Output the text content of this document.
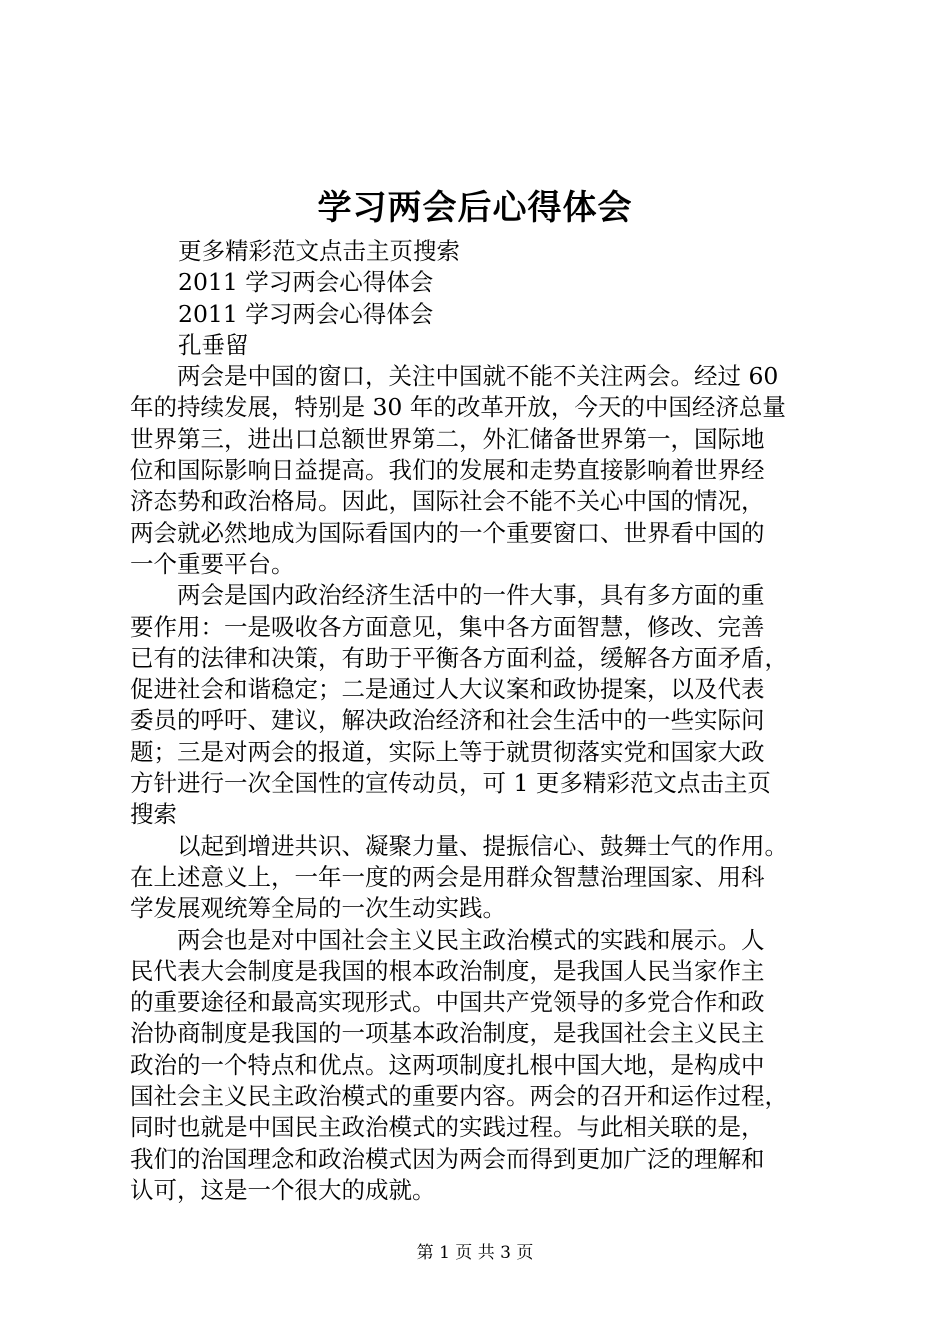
学习两会后心得体会
更多精彩范文点击主页搜索
2011 学习两会心得体会
2011 学习两会心得体会
孔垂留
　　两会是中国的窗口，关注中国就不能不关注两会。经过 60
年的持续发展，特别是 30 年的改革开放，今天的中国经济总量
世界第三，进出口总额世界第二，外汇储备世界第一，国际地
位和国际影响日益提高。我们的发展和走势直接影响着世界经
济态势和政治格局。因此，国际社会不能不关心中国的情况，
两会就必然地成为国际看国内的一个重要窗口、世界看中国的
一个重要平台。
　　两会是国内政治经济生活中的一件大事，具有多方面的重
要作用：一是吸收各方面意见，集中各方面智慧，修改、完善
已有的法律和决策，有助于平衡各方面利益，缓解各方面矛盾，
促进社会和谐稳定；二是通过人大议案和政协提案，以及代表
委员的呼吁、建议，解决政治经济和社会生活中的一些实际问
题；三是对两会的报道，实际上等于就贯彻落实党和国家大政
方针进行一次全国性的宣传动员，可 1 更多精彩范文点击主页
搜索
　　以起到增进共识、凝聚力量、提振信心、鼓舞士气的作用。
在上述意义上，一年一度的两会是用群众智慧治理国家、用科
学发展观统筹全局的一次生动实践。
　　两会也是对中国社会主义民主政治模式的实践和展示。人
民代表大会制度是我国的根本政治制度，是我国人民当家作主
的重要途径和最高实现形式。中国共产党领导的多党合作和政
治协商制度是我国的一项基本政治制度，是我国社会主义民主
政治的一个特点和优点。这两项制度扎根中国大地，是构成中
国社会主义民主政治模式的重要内容。两会的召开和运作过程，
同时也就是中国民主政治模式的实践过程。与此相关联的是，
我们的治国理念和政治模式因为两会而得到更加广泛的理解和
认可，这是一个很大的成就。
第 1 页 共 3 页
